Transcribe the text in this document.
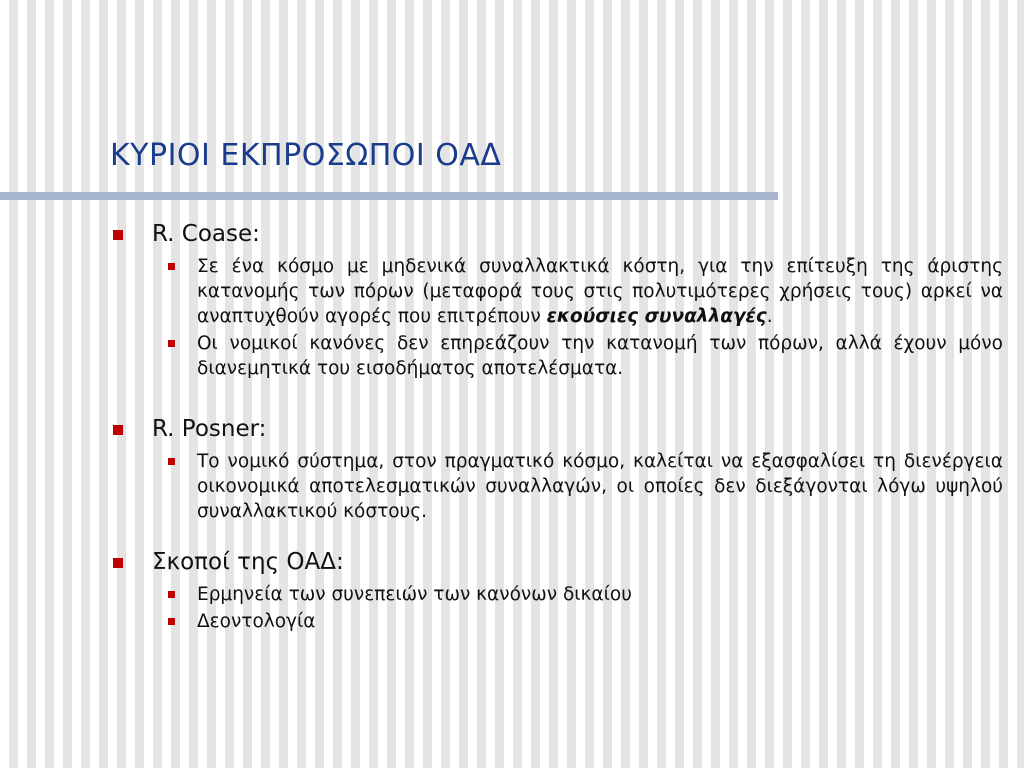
ΚΥΡΙΟΙ ΕΚΠΡΟΣΩΠΟΙ ΟΑΔ
R. Coase:
Σε ένα κόσμο με μηδενικά συναλλακτικά κόστη, για την επίτευξη της άριστης κατανομής των πόρων (μεταφορά τους στις πολυτιμότερες χρήσεις τους) αρκεί να αναπτυχθούν αγορές που επιτρέπουν εκούσιες συναλλαγές.
Οι νομικοί κανόνες δεν επηρεάζουν την κατανομή των πόρων, αλλά έχουν μόνο διανεμητικά του εισοδήματος αποτελέσματα.
R. Posner:
Το νομικό σύστημα, στον πραγματικό κόσμο, καλείται να εξασφαλίσει τη διενέργεια οικονομικά αποτελεσματικών συναλλαγών, οι οποίες δεν διεξάγονται λόγω υψηλού συναλλακτικού κόστους.
Σκοποί της ΟΑΔ:
Ερμηνεία των συνεπειών των κανόνων δικαίου
Δεοντολογία
